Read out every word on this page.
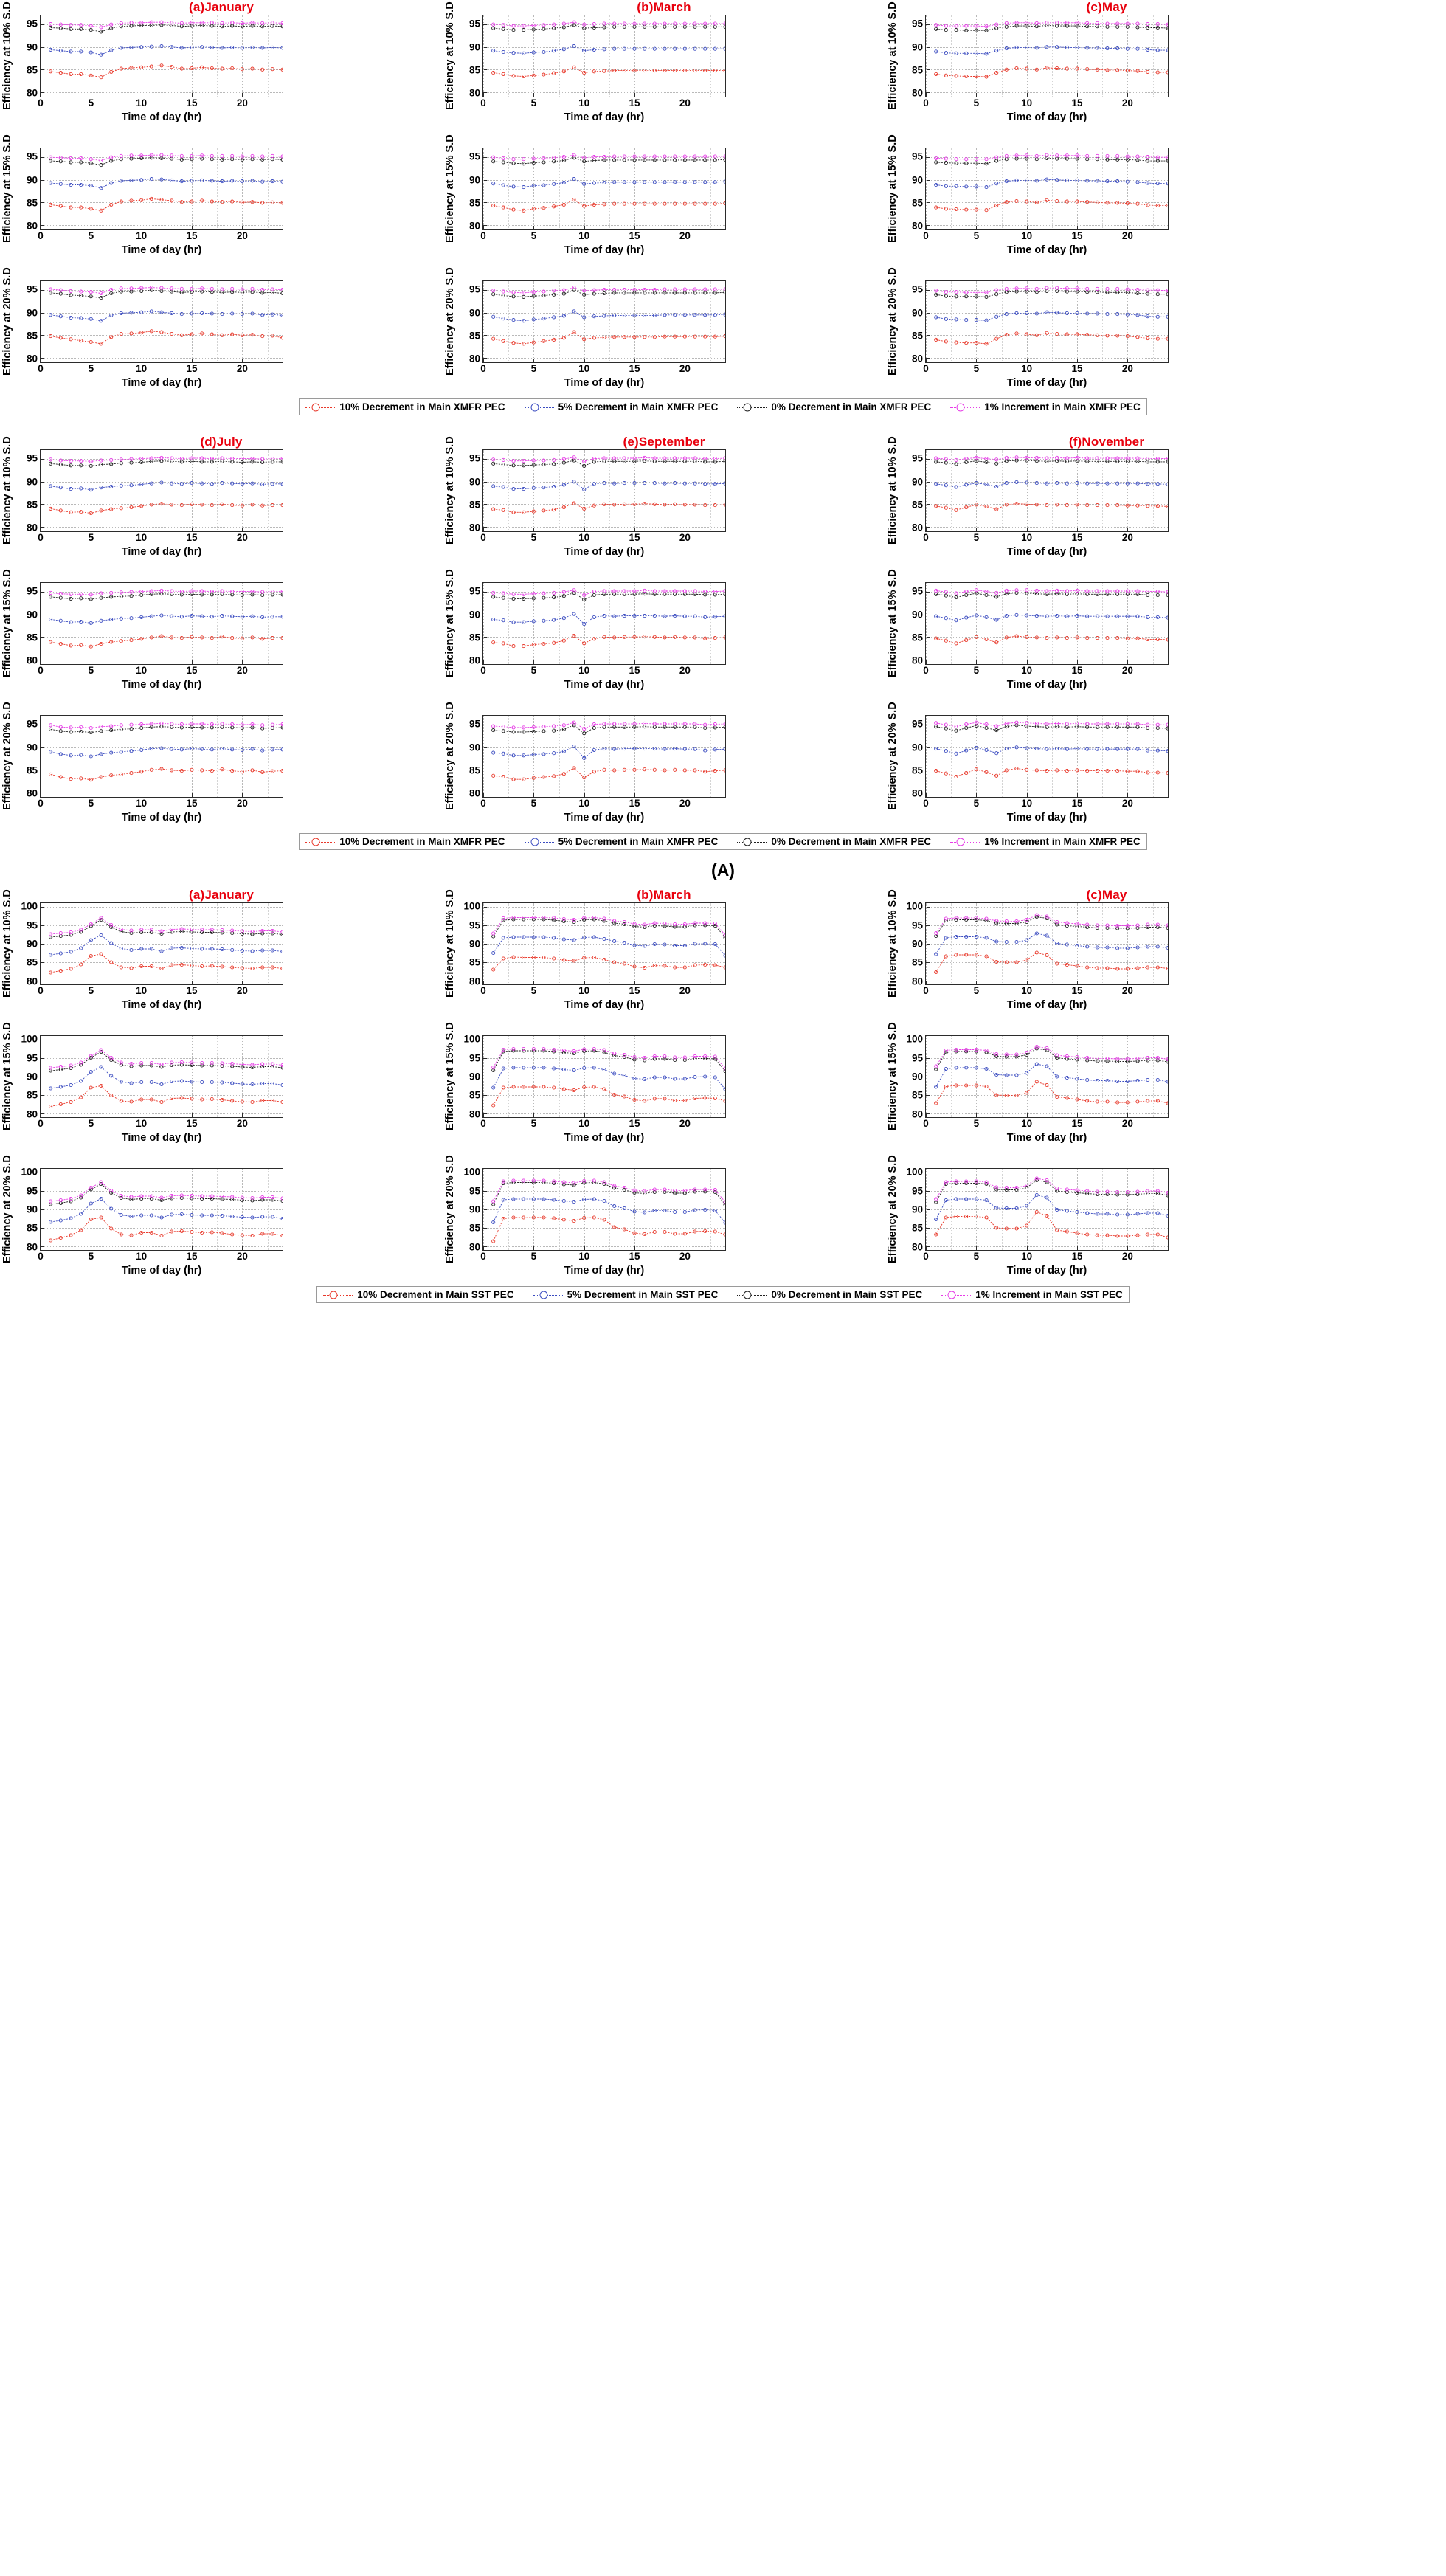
(a)January
Efficiency at 10% S.D 80
85
90
95
0	5	10	15	20
Time of day (hr)
(b)March
Efficiency at 10% S.D 80
85
90
95
0	5	10	15	20
Time of day (hr)
(c)May
Efficiency at 10% S.D 80
85
90
95
0	5	10	15	20
Time of day (hr)
Efficiency at 15% S.D 80
85
90
95
0	5	10	15	20
Time of day (hr)
Efficiency at 15% S.D 80
85
90
95
0	5	10	15	20
Time of day (hr)
Efficiency at 15% S.D 80
85
90
95
0	5	10	15	20
Time of day (hr)
Efficiency at 20% S.D 80
85
90
95
0	5	10	15	20
Time of day (hr)
Efficiency at 20% S.D 80
85
90
95
0	5	10	15	20
Time of day (hr)
Efficiency at 20% S.D 80
85
90
95
0	5	10	15	20
Time of day (hr)
10% Decrement in Main XMFR PEC	5% Decrement in Main XMFR PEC	0% Decrement in Main XMFR PEC	1% Increment in Main XMFR PEC
(d)July
Efficiency at 10% S.D 80
85
90
95
0	5	10	15	20
Time of day (hr)
(e)September
Efficiency at 10% S.D 80
85
90
95
0	5	10	15	20
Time of day (hr)
(f)November
Efficiency at 10% S.D 80
85
90
95
0	5	10	15	20
Time of day (hr)
Efficiency at 15% S.D 80
85
90
95
0	5	10	15	20
Time of day (hr)
Efficiency at 15% S.D 80
85
90
95
0	5	10	15	20
Time of day (hr)
Efficiency at 15% S.D 80
85
90
95
0	5	10	15	20
Time of day (hr)
Efficiency at 20% S.D 80
85
90
95
0	5	10	15	20
Time of day (hr)
Efficiency at 20% S.D 80
85
90
95
0	5	10	15	20
Time of day (hr)
Efficiency at 20% S.D 80
85
90
95
0	5	10	15	20
Time of day (hr)
10% Decrement in Main XMFR PEC	5% Decrement in Main XMFR PEC	0% Decrement in Main XMFR PEC	1% Increment in Main XMFR PEC
(A)
(a)January
Efficiency at 10% S.D 80
85
90
95
100
0	5	10	15	20
Time of day (hr)
(b)March
Efficiency at 10% S.D 80
85
90
95
100
0	5	10	15	20
Time of day (hr)
(c)May
Efficiency at 10% S.D 80
85
90
95
100
0	5	10	15	20
Time of day (hr)
Efficiency at 15% S.D 80
85
90
95
100
0	5	10	15	20
Time of day (hr)
Efficiency at 15% S.D 80
85
90
95
100
0	5	10	15	20
Time of day (hr)
Efficiency at 15% S.D 80
85
90
95
100
0	5	10	15	20
Time of day (hr)
Efficiency at 20% S.D 80
85
90
95
100
0	5	10	15	20
Time of day (hr)
Efficiency at 20% S.D 80
85
90
95
100
0	5	10	15	20
Time of day (hr)
Efficiency at 20% S.D 80
85
90
95
100
0	5	10	15	20
Time of day (hr)
10% Decrement in Main SST PEC	5% Decrement in Main SST PEC	0% Decrement in Main SST PEC	1% Increment in Main SST PEC
